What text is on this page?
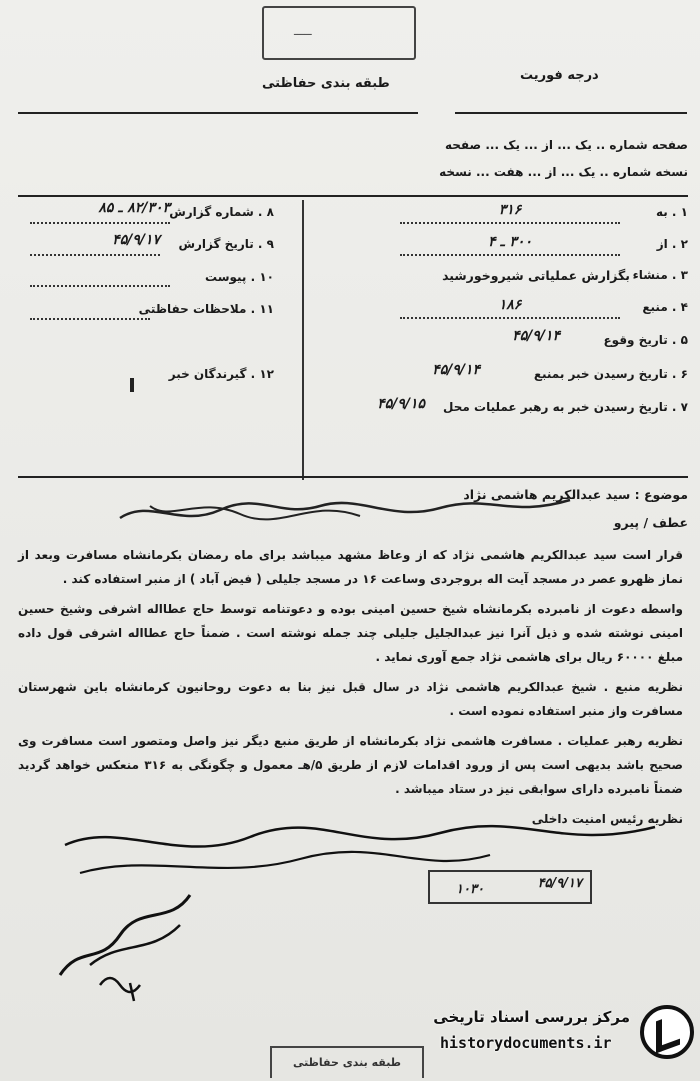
ـــــ
درجه فوریت
طبقه بندی حفاظتی
صفحه شماره .. یک ... از ... یک ... صفحه
نسخه شماره .. یک ... از ... هفت ... نسخه
۸ . شماره گزارش
۸۲/۳۰۳ ـ ۸۵
۹ . تاریخ گزارش
۴۵/۹/۱۷
۱۰ . پیوست
۱۱ . ملاحظات حفاظتی
۱۲ . گیرندگان خبر
۱ . به
۳۱۶
۲ . از
۳۰۰ ـ ۴
۳ . منشاء
بگزارش عملیاتی شیروخورشید
۴ . منبع
۱۸۶
۵ . تاریخ وقوع
۴۵/۹/۱۴
۶ . تاریخ رسیدن خبر بمنبع
۴۵/۹/۱۴
۷ . تاریخ رسیدن خبر به رهبر عملیات محل
۴۵/۹/۱۵
موضوع : سید عبدالکریم هاشمی نژاد
عطف / پیرو

قرار است سید عبدالکریم هاشمی نژاد که از وعاظ مشهد میباشد برای ماه رمضان بکرمانشاه مسافرت وبعد از نماز ظهرو عصر در مسجد آیت اله بروجردی وساعت ۱۶ در مسجد جلیلی ( فیض آباد ) از منبر استفاده کند .

واسطه دعوت از نامبرده بکرمانشاه شیخ حسین امینی بوده و دعوتنامه توسط حاج عطااله اشرفی وشیخ حسین امینی نوشته شده و ذیل آنرا نیز عبدالجلیل جلیلی چند جمله نوشته است . ضمناً حاج عطااله اشرفی قول داده مبلغ ۶۰۰۰۰ ریال برای هاشمی نژاد جمع آوری نماید .

نظریه منبع . شیخ عبدالکریم هاشمی نژاد در سال قبل نیز بنا به دعوت روحانیون کرمانشاه باین شهرستان مسافرت واز منبر استفاده نموده است .

نظریه رهبر عملیات . مسافرت هاشمی نژاد بکرمانشاه از طریق منبع دیگر نیز واصل ومتصور است مسافرت وی صحیح باشد بدیهی است پس از ورود اقدامات لازم از طریق ۵/هـ معمول و چگونگی به ۳۱۶ منعکس خواهد گردید ضمناً نامبرده دارای سوابقی نیز در ستاد میباشد .

نظریه رئیس امنیت داخلی

۴۵/۹/۱۷
۱۰۳۰
مرکز بررسی اسناد تاریخی
historydocuments.ir
طبقه بندی حفاظتی
